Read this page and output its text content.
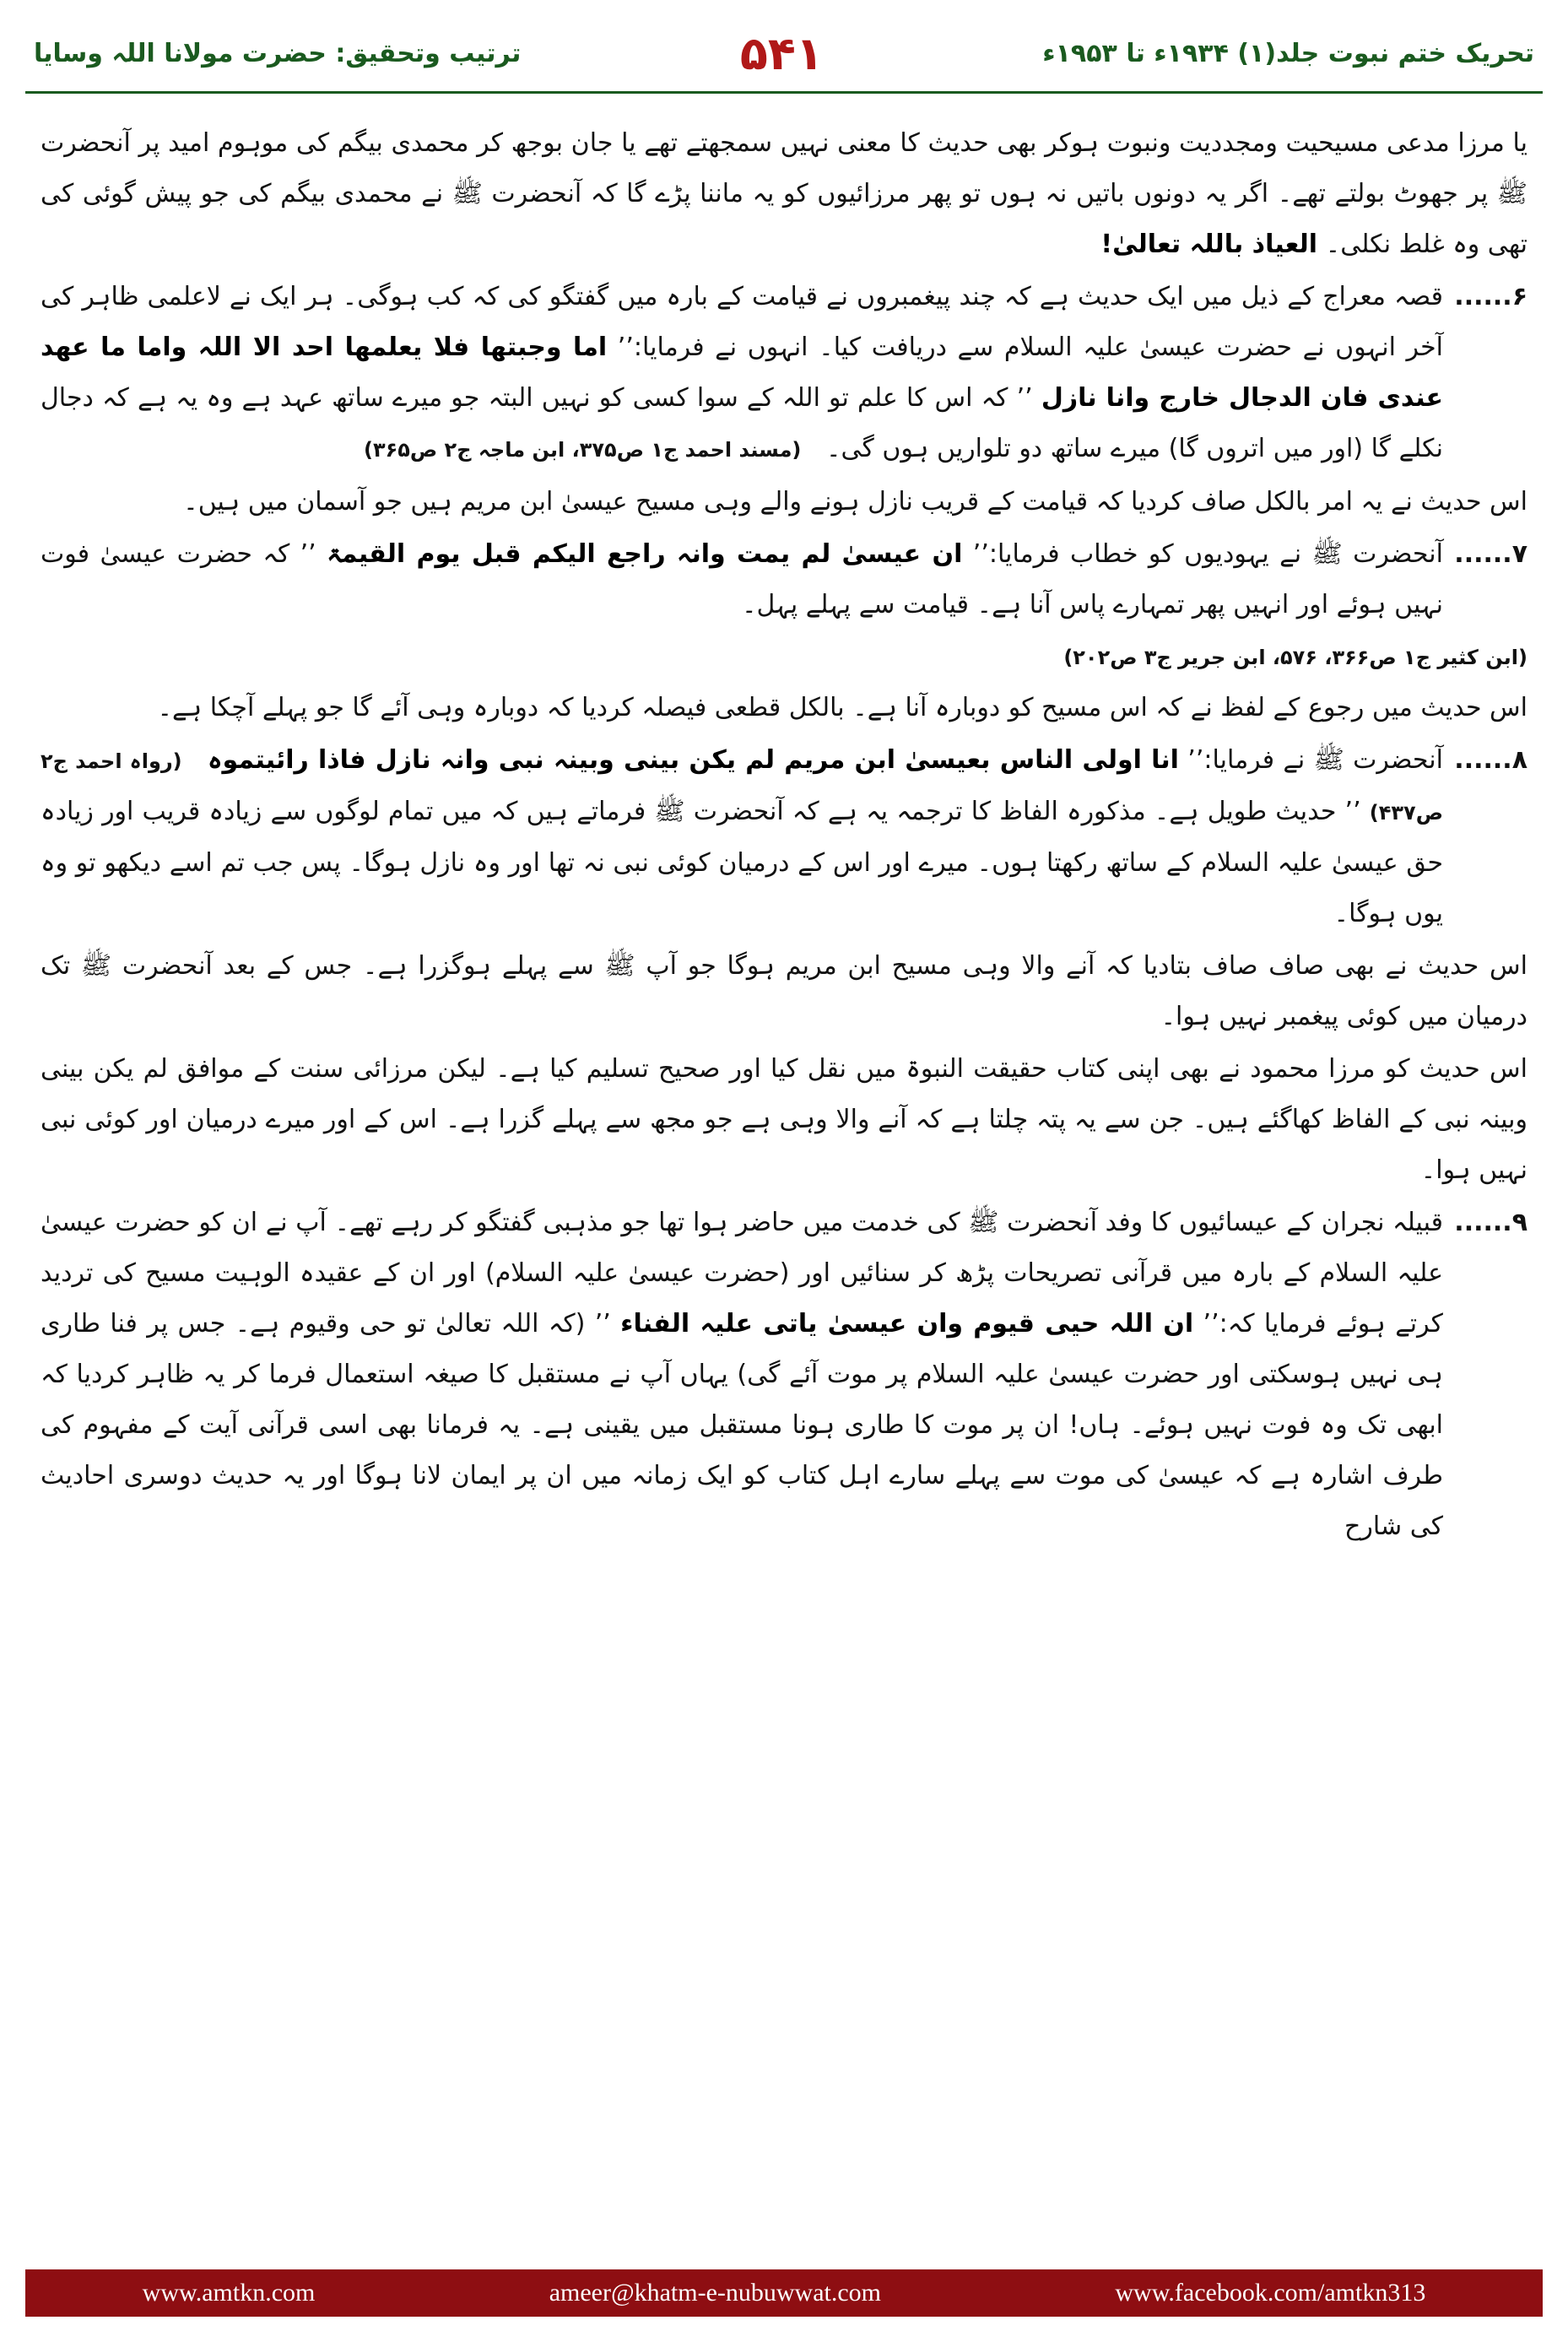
ترتیب وتحقیق: حضرت مولانا اللہ وسایا	۵۴۱	تحریک ختم نبوت جلد(۱) ۱۹۳۴ء تا ۱۹۵۳ء

یا مرزا مدعی مسیحیت ومجددیت ونبوت ہوکر بھی حدیث کا معنی نہیں سمجھتے تھے یا جان بوجھ کر محمدی بیگم کی موہوم امید پر آنحضرت ﷺ پر جھوٹ بولتے تھے۔ اگر یہ دونوں باتیں نہ ہوں تو پھر مرزائیوں کو یہ ماننا پڑے گا کہ آنحضرت ﷺ نے محمدی بیگم کی جو پیش گوئی کی تھی وہ غلط نکلی۔ العیاذ باللہ تعالیٰ!

۶......
قصہ معراج کے ذیل میں ایک حدیث ہے کہ چند پیغمبروں نے قیامت کے بارہ میں گفتگو کی کہ کب ہوگی۔ ہر ایک نے لاعلمی ظاہر کی آخر انہوں نے حضرت عیسیٰ علیہ السلام سے دریافت کیا۔ انہوں نے فرمایا:’’ اما وجبتھا فلا یعلمھا احد الا اللہ واما ما عھد عندی فان الدجال خارج وانا نازل ’’ کہ اس کا علم تو اللہ کے سوا کسی کو نہیں البتہ جو میرے ساتھ عہد ہے وہ یہ ہے کہ دجال نکلے گا (اور میں اتروں گا) میرے ساتھ دو تلواریں ہوں گی۔ (مسند احمد ج۱ ص۳۷۵، ابن ماجہ ج۲ ص۳۶۵)

اس حدیث نے یہ امر بالکل صاف کردیا کہ قیامت کے قریب نازل ہونے والے وہی مسیح عیسیٰ ابن مریم ہیں جو آسمان میں ہیں۔

۷......
آنحضرت ﷺ نے یہودیوں کو خطاب فرمایا:’’ ان عیسیٰ لم یمت وانہ راجع الیکم قبل یوم القیمۃ ’’ کہ حضرت عیسیٰ فوت نہیں ہوئے اور انہیں پھر تمہارے پاس آنا ہے۔ قیامت سے پہلے پہل۔
(ابن کثیر ج۱ ص۳۶۶، ۵۷۶، ابن جریر ج۳ ص۲۰۲)

اس حدیث میں رجوع کے لفظ نے کہ اس مسیح کو دوبارہ آنا ہے۔ بالکل قطعی فیصلہ کردیا کہ دوبارہ وہی آئے گا جو پہلے آچکا ہے۔

۸......
آنحضرت ﷺ نے فرمایا:’’ انا اولی الناس بعیسیٰ ابن مریم لم یکن بینی وبینہ نبی وانہ نازل فاذا رائیتموہ (رواہ احمد ج۲ ص۴۳۷) ’’ حدیث طویل ہے۔ مذکورہ الفاظ کا ترجمہ یہ ہے کہ آنحضرت ﷺ فرماتے ہیں کہ میں تمام لوگوں سے زیادہ قریب اور زیادہ حق عیسیٰ علیہ السلام کے ساتھ رکھتا ہوں۔ میرے اور اس کے درمیان کوئی نبی نہ تھا اور وہ نازل ہوگا۔ پس جب تم اسے دیکھو تو وہ یوں ہوگا۔

اس حدیث نے بھی صاف صاف بتادیا کہ آنے والا وہی مسیح ابن مریم ہوگا جو آپ ﷺ سے پہلے ہوگزرا ہے۔ جس کے بعد آنحضرت ﷺ تک درمیان میں کوئی پیغمبر نہیں ہوا۔

اس حدیث کو مرزا محمود نے بھی اپنی کتاب حقیقت النبوۃ میں نقل کیا اور صحیح تسلیم کیا ہے۔ لیکن مرزائی سنت کے موافق لم یکن بینی وبینہ نبی کے الفاظ کھاگئے ہیں۔ جن سے یہ پتہ چلتا ہے کہ آنے والا وہی ہے جو مجھ سے پہلے گزرا ہے۔ اس کے اور میرے درمیان اور کوئی نبی نہیں ہوا۔

۹......
قبیلہ نجران کے عیسائیوں کا وفد آنحضرت ﷺ کی خدمت میں حاضر ہوا تھا جو مذہبی گفتگو کر رہے تھے۔ آپ نے ان کو حضرت عیسیٰ علیہ السلام کے بارہ میں قرآنی تصریحات پڑھ کر سنائیں اور (حضرت عیسیٰ علیہ السلام) اور ان کے عقیدہ الوہیت مسیح کی تردید کرتے ہوئے فرمایا کہ:’’ ان اللہ حیی قیوم وان عیسیٰ یاتی علیہ الفناء ’’ (کہ اللہ تعالیٰ تو حی وقیوم ہے۔ جس پر فنا طاری ہی نہیں ہوسکتی اور حضرت عیسیٰ علیہ السلام پر موت آئے گی) یہاں آپ نے مستقبل کا صیغہ استعمال فرما کر یہ ظاہر کردیا کہ ابھی تک وہ فوت نہیں ہوئے۔ ہاں! ان پر موت کا طاری ہونا مستقبل میں یقینی ہے۔ یہ فرمانا بھی اسی قرآنی آیت کے مفہوم کی طرف اشارہ ہے کہ عیسیٰ کی موت سے پہلے سارے اہل کتاب کو ایک زمانہ میں ان پر ایمان لانا ہوگا اور یہ حدیث دوسری احادیث کی شارح
www.amtkn.com	ameer@khatm-e-nubuwwat.com	www.facebook.com/amtkn313
